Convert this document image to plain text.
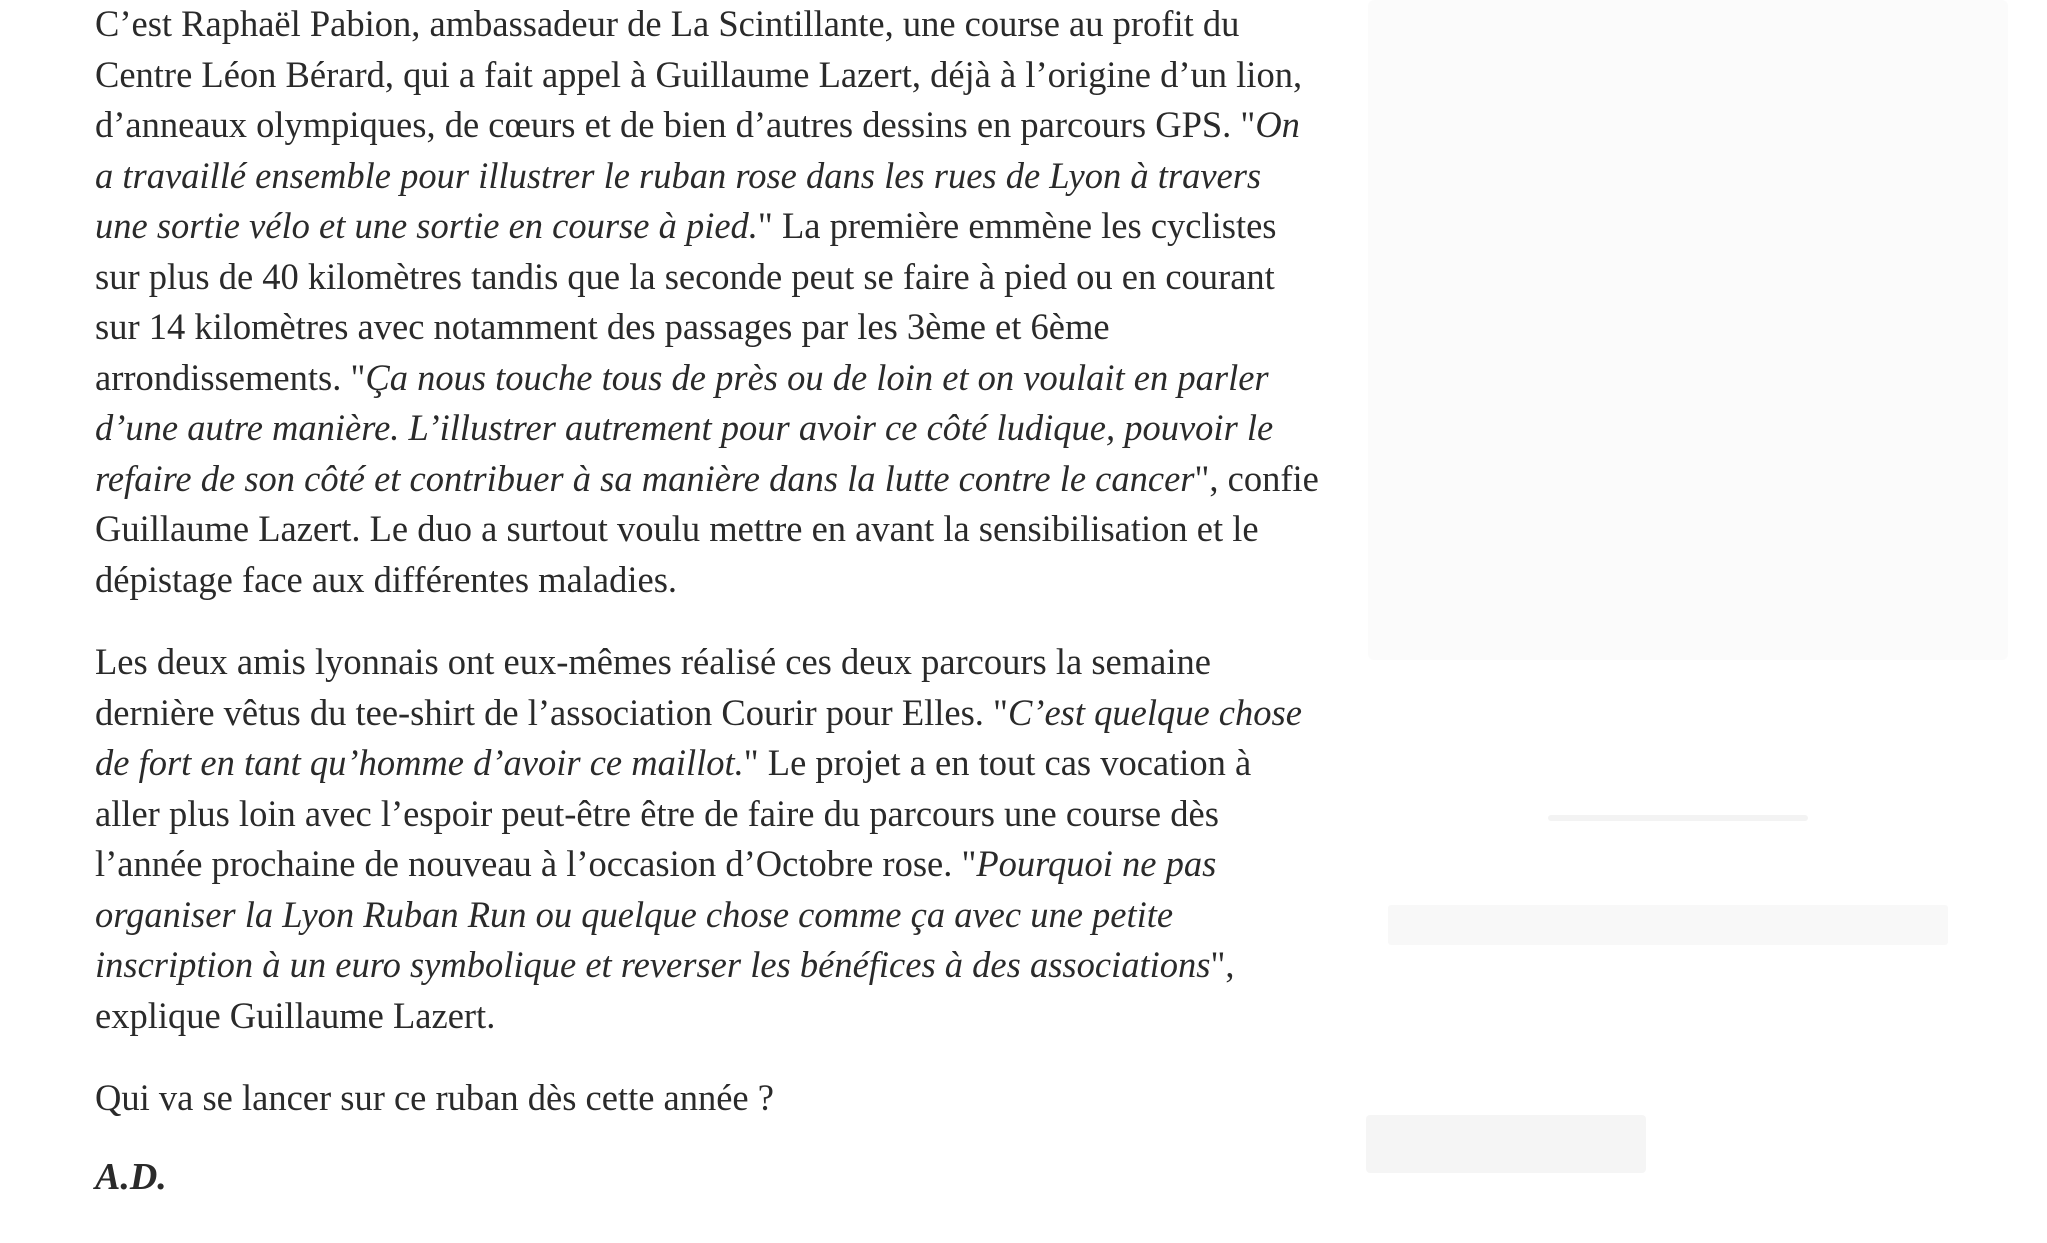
C’est Raphaël Pabion, ambassadeur de La Scintillante, une course au profit du Centre Léon Bérard, qui a fait appel à Guillaume Lazert, déjà à l’origine d’un lion, d’anneaux olympiques, de cœurs et de bien d’autres dessins en parcours GPS. "On a travaillé ensemble pour illustrer le ruban rose dans les rues de Lyon à travers une sortie vélo et une sortie en course à pied." La première emmène les cyclistes sur plus de 40 kilomètres tandis que la seconde peut se faire à pied ou en courant sur 14 kilomètres avec notamment des passages par les 3ème et 6ème arrondissements. "Ça nous touche tous de près ou de loin et on voulait en parler d’une autre manière. L’illustrer autrement pour avoir ce côté ludique, pouvoir le refaire de son côté et contribuer à sa manière dans la lutte contre le cancer", confie Guillaume Lazert. Le duo a surtout voulu mettre en avant la sensibilisation et le dépistage face aux différentes maladies.

Les deux amis lyonnais ont eux-mêmes réalisé ces deux parcours la semaine dernière vêtus du tee-shirt de l’association Courir pour Elles. "C’est quelque chose de fort en tant qu’homme d’avoir ce maillot." Le projet a en tout cas vocation à aller plus loin avec l’espoir peut-être être de faire du parcours une course dès l’année prochaine de nouveau à l’occasion d’Octobre rose. "Pourquoi ne pas organiser la Lyon Ruban Run ou quelque chose comme ça avec une petite inscription à un euro symbolique et reverser les bénéfices à des associations", explique Guillaume Lazert.

Qui va se lancer sur ce ruban dès cette année ?

A.D.
